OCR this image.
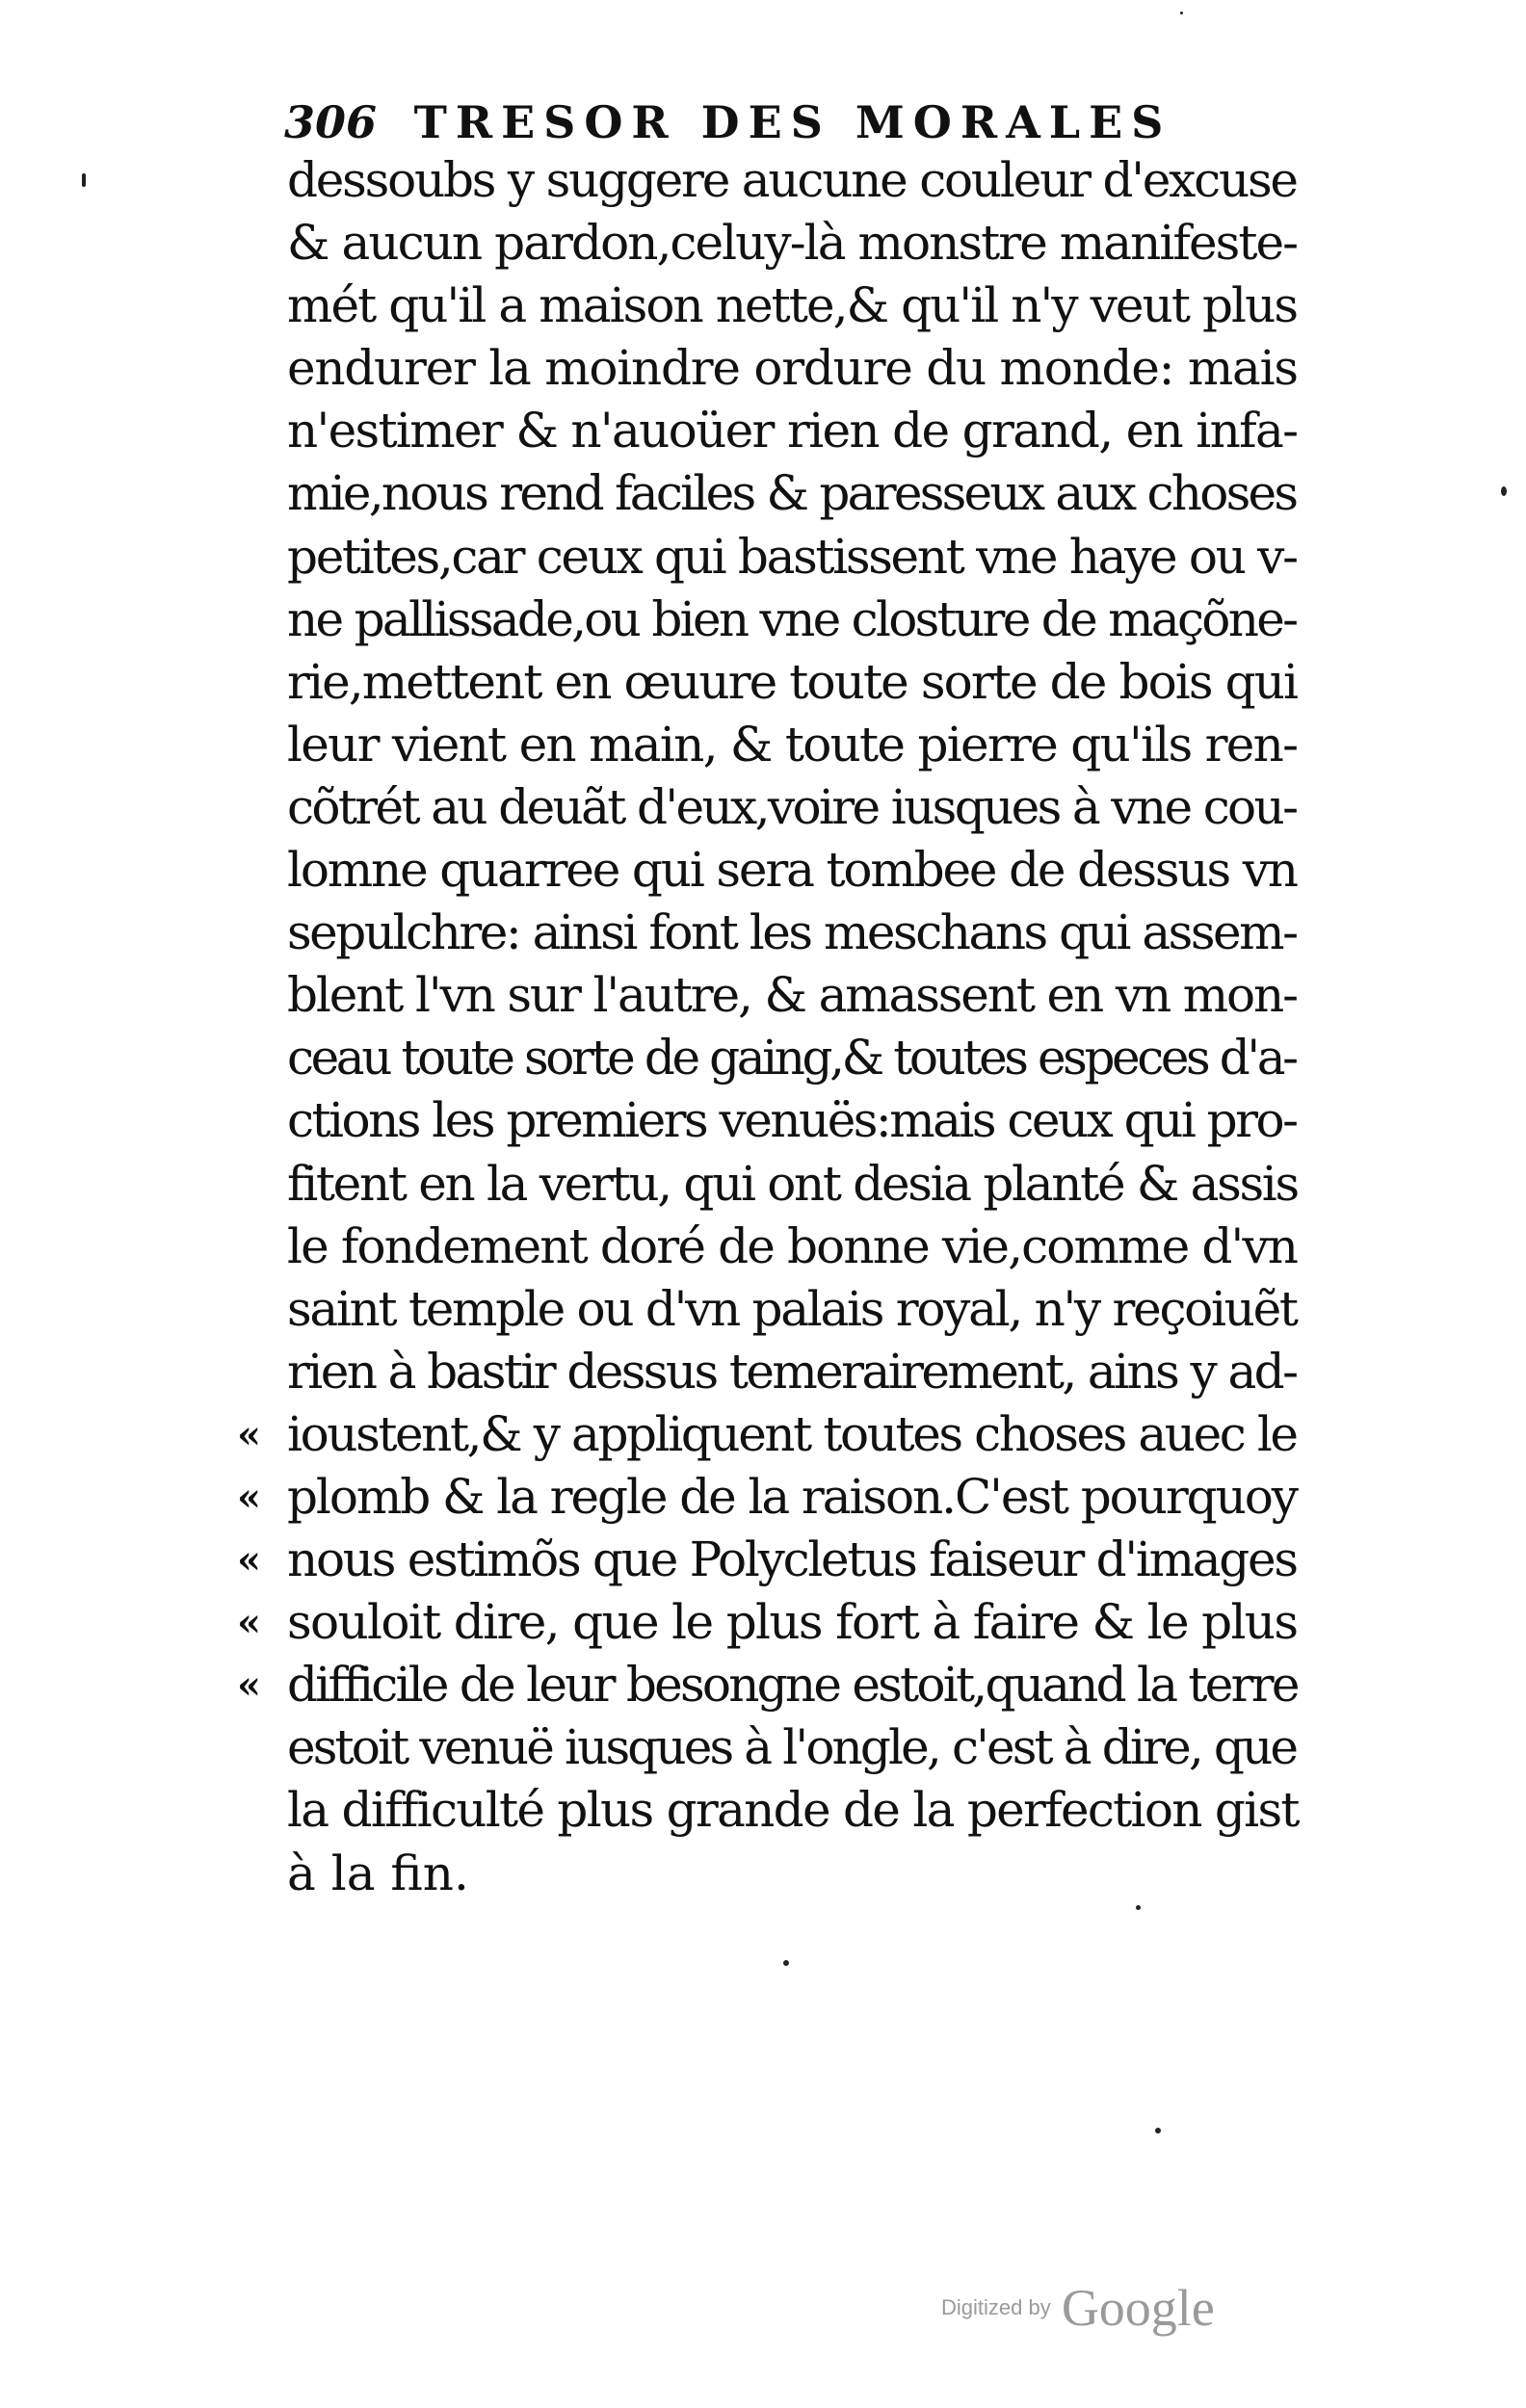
306 TRESOR DES MORALES
dessoubs y suggere aucune couleur d'excuse
& aucun pardon,celuy-là monstre manifeste-
mét qu'il a maison nette,& qu'il n'y veut plus
endurer la moindre ordure du monde: mais
n'estimer & n'auoüer rien de grand, en infa-
mie,nous rend faciles & paresseux aux choses
petites,car ceux qui bastissent vne haye ou v-
ne pallissade,ou bien vne closture de maçõne-
rie,mettent en œuure toute sorte de bois qui
leur vient en main, & toute pierre qu'ils ren-
cõtrét au deuãt d'eux,voire iusques à vne cou-
lomne quarree qui sera tombee de dessus vn
sepulchre: ainsi font les meschans qui assem-
blent l'vn sur l'autre, & amassent en vn mon-
ceau toute sorte de gaing,& toutes especes d'a-
ctions les premiers venuës:mais ceux qui pro-
fitent en la vertu, qui ont desia planté & assis
le fondement doré de bonne vie,comme d'vn
saint temple ou d'vn palais royal, n'y reçoiuẽt
rien à bastir dessus temerairement, ains y ad-
« ioustent,& y appliquent toutes choses auec le
« plomb & la regle de la raison.C'est pourquoy
« nous estimõs que Polycletus faiseur d'images
« souloit dire, que le plus fort à faire & le plus
« difficile de leur besongne estoit,quand la terre
estoit venuë iusques à l'ongle, c'est à dire, que
la difficulté plus grande de la perfection gist
à la fin.
Digitized by Google
